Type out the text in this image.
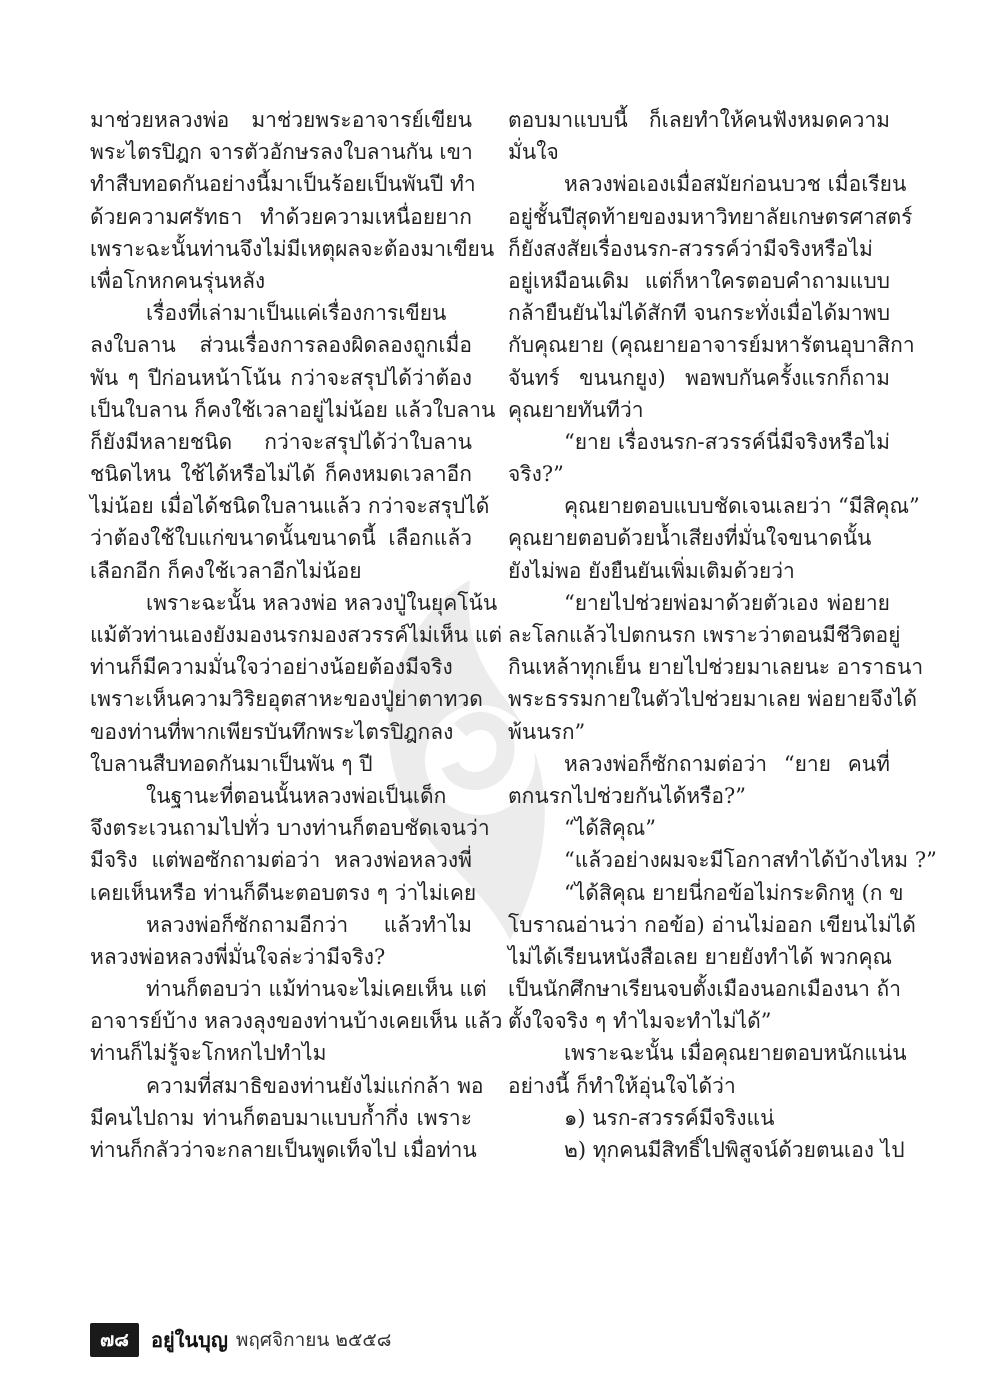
มาช่วยหลวงพ่อ มาช่วยพระอาจารย์เขียน
พระไตรปิฎก จารตัวอักษรลงใบลานกัน เขา
ทำสืบทอดกันอย่างนี้มาเป็นร้อยเป็นพันปี ทำ
ด้วยความศรัทธา ทำด้วยความเหนื่อยยาก
เพราะฉะนั้นท่านจึงไม่มีเหตุผลจะต้องมาเขียน
เพื่อโกหกคนรุ่นหลัง
เรื่องที่เล่ามาเป็นแค่เรื่องการเขียน
ลงใบลาน ส่วนเรื่องการลองผิดลองถูกเมื่อ
พัน ๆ ปีก่อนหน้าโน้น กว่าจะสรุปได้ว่าต้อง
เป็นใบลาน ก็คงใช้เวลาอยู่ไม่น้อย แล้วใบลาน
ก็ยังมีหลายชนิด กว่าจะสรุปได้ว่าใบลาน
ชนิดไหน ใช้ได้หรือไม่ได้ ก็คงหมดเวลาอีก
ไม่น้อย เมื่อได้ชนิดใบลานแล้ว กว่าจะสรุปได้
ว่าต้องใช้ใบแก่ขนาดนั้นขนาดนี้ เลือกแล้ว
เลือกอีก ก็คงใช้เวลาอีกไม่น้อย
เพราะฉะนั้น หลวงพ่อ หลวงปู่ในยุคโน้น
แม้ตัวท่านเองยังมองนรกมองสวรรค์ไม่เห็น แต่
ท่านก็มีความมั่นใจว่าอย่างน้อยต้องมีจริง
เพราะเห็นความวิริยอุตสาหะของปู่ย่าตาทวด
ของท่านที่พากเพียรบันทึกพระไตรปิฎกลง
ใบลานสืบทอดกันมาเป็นพัน ๆ ปี
ในฐานะที่ตอนนั้นหลวงพ่อเป็นเด็ก
จึงตระเวนถามไปทั่ว บางท่านก็ตอบชัดเจนว่า
มีจริง แต่พอซักถามต่อว่า หลวงพ่อหลวงพี่
เคยเห็นหรือ ท่านก็ดีนะตอบตรง ๆ ว่าไม่เคย
หลวงพ่อก็ซักถามอีกว่า แล้วทำไม
หลวงพ่อหลวงพี่มั่นใจล่ะว่ามีจริง?
ท่านก็ตอบว่า แม้ท่านจะไม่เคยเห็น แต่
อาจารย์บ้าง หลวงลุงของท่านบ้างเคยเห็น แล้ว
ท่านก็ไม่รู้จะโกหกไปทำไม
ความที่สมาธิของท่านยังไม่แก่กล้า พอ
มีคนไปถาม ท่านก็ตอบมาแบบก้ำกึ่ง เพราะ
ท่านก็กลัวว่าจะกลายเป็นพูดเท็จไป เมื่อท่าน
ตอบมาแบบนี้ ก็เลยทำให้คนฟังหมดความ
มั่นใจ
หลวงพ่อเองเมื่อสมัยก่อนบวช เมื่อเรียน
อยู่ชั้นปีสุดท้ายของมหาวิทยาลัยเกษตรศาสตร์
ก็ยังสงสัยเรื่องนรก-สวรรค์ว่ามีจริงหรือไม่
อยู่เหมือนเดิม แต่ก็หาใครตอบคำถามแบบ
กล้ายืนยันไม่ได้สักที จนกระทั่งเมื่อได้มาพบ
กับคุณยาย (คุณยายอาจารย์มหารัตนอุบาสิกา
จันทร์ ขนนกยูง) พอพบกันครั้งแรกก็ถาม
คุณยายทันทีว่า
“ยาย เรื่องนรก-สวรรค์นี่มีจริงหรือไม่
จริง?”
คุณยายตอบแบบชัดเจนเลยว่า “มีสิคุณ”
คุณยายตอบด้วยน้ำเสียงที่มั่นใจขนาดนั้น
ยังไม่พอ ยังยืนยันเพิ่มเติมด้วยว่า
“ยายไปช่วยพ่อมาด้วยตัวเอง พ่อยาย
ละโลกแล้วไปตกนรก เพราะว่าตอนมีชีวิตอยู่
กินเหล้าทุกเย็น ยายไปช่วยมาเลยนะ อาราธนา
พระธรรมกายในตัวไปช่วยมาเลย พ่อยายจึงได้
พ้นนรก”
หลวงพ่อก็ซักถามต่อว่า “ยาย คนที่
ตกนรกไปช่วยกันได้หรือ?”
“ได้สิคุณ”
“แล้วอย่างผมจะมีโอกาสทำได้บ้างไหม ?”
“ได้สิคุณ ยายนี่กอข้อไม่กระดิกหู (ก ข
โบราณอ่านว่า กอข้อ) อ่านไม่ออก เขียนไม่ได้
ไม่ได้เรียนหนังสือเลย ยายยังทำได้ พวกคุณ
เป็นนักศึกษาเรียนจบตั้งเมืองนอกเมืองนา ถ้า
ตั้งใจจริง ๆ ทำไมจะทำไม่ได้”
เพราะฉะนั้น เมื่อคุณยายตอบหนักแน่น
อย่างนี้ ก็ทำให้อุ่นใจได้ว่า
๑) นรก-สวรรค์มีจริงแน่
๒) ทุกคนมีสิทธิ์ไปพิสูจน์ด้วยตนเอง ไป
๗๘	อยู่ในบุญ พฤศจิกายน ๒๕๕๘
